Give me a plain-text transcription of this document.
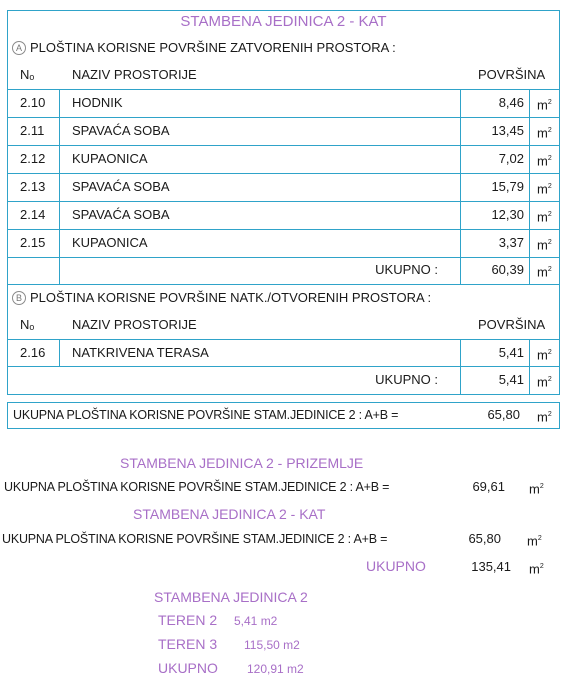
STAMBENA JEDINICA 2 - KAT
A PLOŠTINA KORISNE POVRŠINE ZATVORENIH PROSTORA :
Nₒ	NAZIV PROSTORIJE	POVRŠINA
2.10 HODNIK	8,46 $m^2$
2.11 SPAVAĆA SOBA	13,45 $m^2$
2.12 KUPAONICA	7,02 $m^2$
2.13 SPAVAĆA SOBA	15,79 $m^2$
2.14 SPAVAĆA SOBA	12,30 $m^2$
2.15 KUPAONICA	3,37 $m^2$
UKUPNO :	60,39 $m^2$
B PLOŠTINA KORISNE POVRŠINE NATK./OTVORENIH PROSTORA :
Nₒ	NAZIV PROSTORIJE	POVRŠINA
2.16 NATKRIVENA TERASA	5,41 $m^2$
UKUPNO :	5,41 $m^2$
UKUPNA PLOŠTINA KORISNE POVRŠINE STAM.JEDINICE 2 : A+B =	65,80 $m^2$
STAMBENA JEDINICA 2 - PRIZEMLJE
UKUPNA PLOŠTINA KORISNE POVRŠINE STAM.JEDINICE 2 : A+B =	69,61 $m^2$
STAMBENA JEDINICA 2 - KAT
UKUPNA PLOŠTINA KORISNE POVRŠINE STAM.JEDINICE 2 : A+B =	65,80 $m^2$
UKUPNO	135,41 $m^2$
STAMBENA JEDINICA 2
TEREN 2 5,41 m2
TEREN 3 115,50 m2
UKUPNO 120,91 m2
